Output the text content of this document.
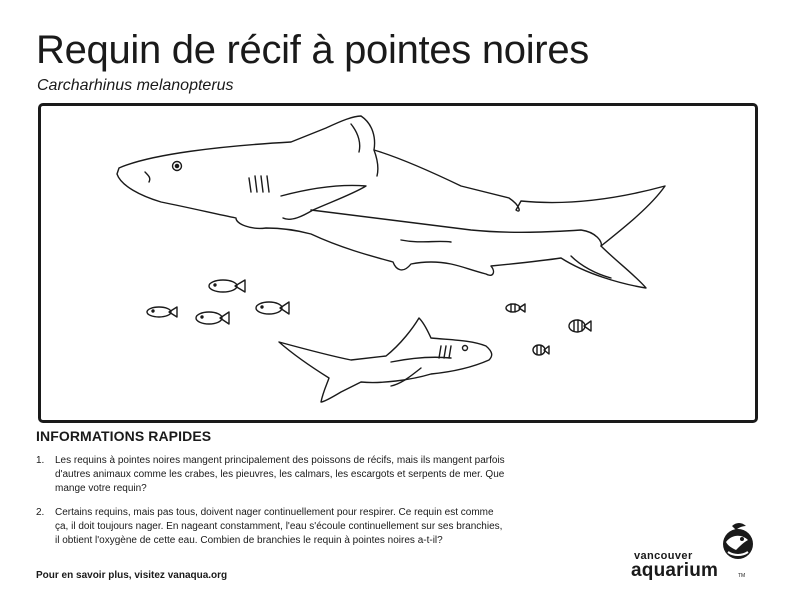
Requin de récif à pointes noires

Carcharhinus melanopterus

INFORMATIONS RAPIDES
1. Les requins à pointes noires mangent principalement des poissons de récifs, mais ils mangent parfois d'autres animaux comme les crabes, les pieuvres, les calmars, les escargots et serpents de mer. Que mange votre requin?
2. Certains requins, mais pas tous, doivent nager continuellement pour respirer. Ce requin est comme ça, il doit toujours nager. En nageant constamment, l'eau s'écoule continuellement sur ses branchies, il obtient l'oxygène de cette eau. Combien de branchies le requin à pointes noires a-t-il?

Pour en savoir plus, visitez vanaqua.org

vancouver
aquarium	TM
